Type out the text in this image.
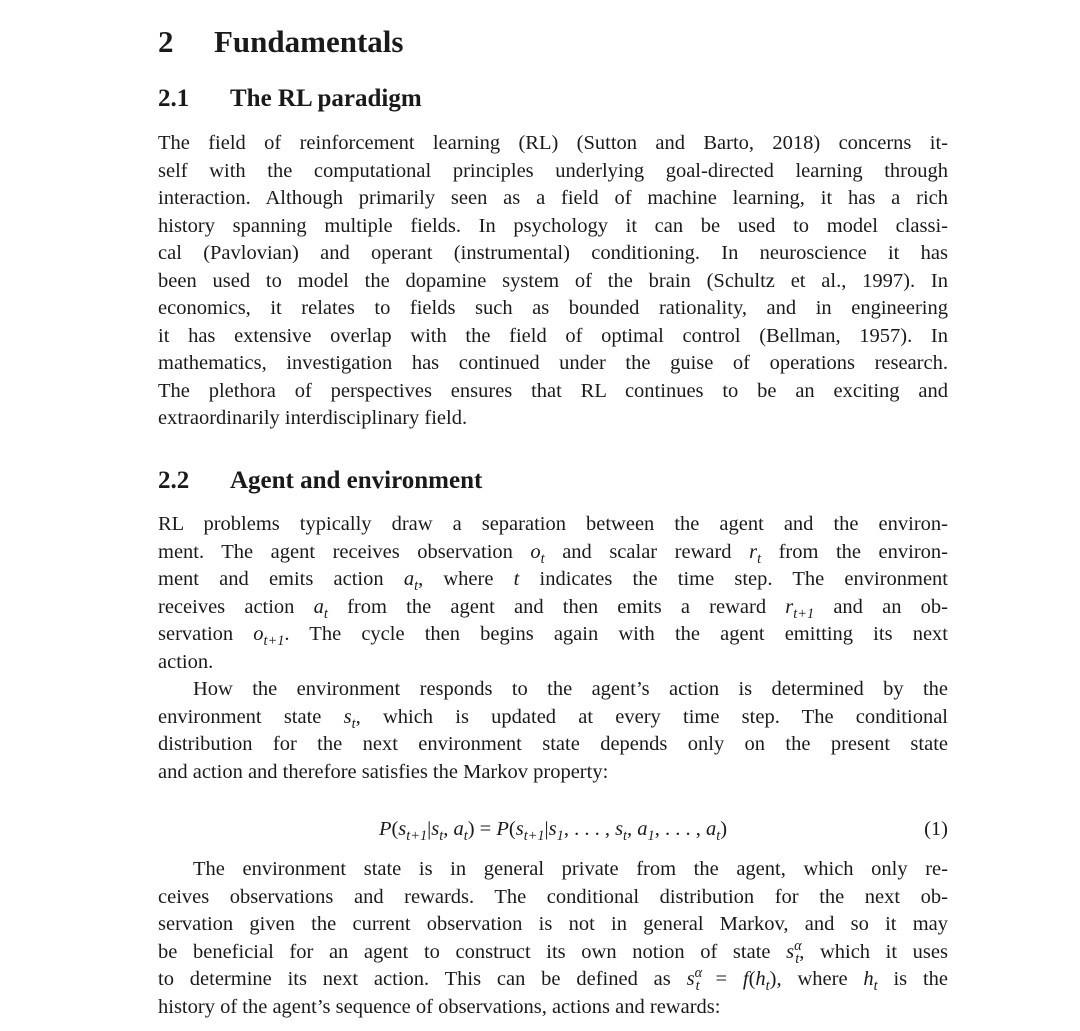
2 Fundamentals
2.1 The RL paradigm
The field of reinforcement learning (RL) (Sutton and Barto, 2018) concerns it-
self with the computational principles underlying goal-directed learning through
interaction. Although primarily seen as a field of machine learning, it has a rich
history spanning multiple fields. In psychology it can be used to model classi-
cal (Pavlovian) and operant (instrumental) conditioning. In neuroscience it has
been used to model the dopamine system of the brain (Schultz et al., 1997). In
economics, it relates to fields such as bounded rationality, and in engineering
it has extensive overlap with the field of optimal control (Bellman, 1957). In
mathematics, investigation has continued under the guise of operations research.
The plethora of perspectives ensures that RL continues to be an exciting and
extraordinarily interdisciplinary field.
2.2 Agent and environment
RL problems typically draw a separation between the agent and the environ-
ment. The agent receives observation $o_t$ and scalar reward $r_t$ from the environ-
ment and emits action $a_t$, where t indicates the time step. The environment
receives action $a_t$ from the agent and then emits a reward $r_{t+1}$ and an ob-
servation $o_{t+1}$. The cycle then begins again with the agent emitting its next
action.
How the environment responds to the agent’s action is determined by the
environment state $s_t$, which is updated at every time step. The conditional
distribution for the next environment state depends only on the present state
and action and therefore satisfies the Markov property:
$P(s_{t+1}|s_t$, $a_t) = P(s_{t+1}|s_1$, . . . , $s_t$, $a_1$, . . . , $a_t$)	(1)
The environment state is in general private from the agent, which only re-
ceives observations and rewards. The conditional distribution for the next ob-
servation given the current observation is not in general Markov, and so it may
be beneficial for an agent to construct its own notion of state $s^\alpha_t$, which it uses
to determine its next action. This can be defined as $s^\alpha_t = f(h_t)$, where $h_t$ is the
history of the agent’s sequence of observations, actions and rewards:
